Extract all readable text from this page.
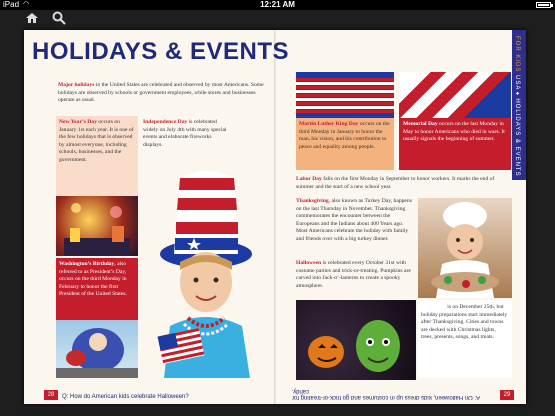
iPad ◠	12:21 AM
HOLIDAYS & EVENTS	FOR KIDS USA✦HOLIDAYS & EVENTS
Major holidays in the United States are celebrated and observed by most Americans. Some holidays are observed by schools or government employees, while stores and businesses operate as usual.
New Year’s Day occurs on January 1st each year. It is one of the few holidays that is observed by almost everyone, including schools, businesses, and the government.
Independence Day is celebrated widely on July 4th with many special events and elaborate fireworks displays.
Washington’s Birthday, also referred to as President’s Day, occurs on the third Monday in February to honor the first President of the United States.
28	Q: How do American kids celebrate Halloween?
Martin Luther King Day occurs on the third Monday in January to honor the man, his vision, and his contribution to peace and equality among people.
Memorial Day occurs on the last Monday in May to honor Americans who died in wars. It usually signals the beginning of summer.
Labor Day falls on the first Monday in September to honor workers. It marks the end of summer and the start of a new school year.
Thanksgiving, also known as Turkey Day, happens on the last Thursday in November. Thanksgiving commemorates the encounter between the Europeans and the Indians about 400 Years ago. Most Americans celebrate the holiday with family and friends over with a big turkey dinner.
Halloween is celebrated every October 31st with costume parties and trick-or-treating. Pumpkins are carved into Jack-o’-lanterns to create a spooky atmosphere.
Christmas is on December 25th, but holiday preparations start immediately after Thanksgiving. Cities and towns are decked with Christmas lights, trees, presents, songs, and treats.
A: On Halloween, kids dress up in costumes and go trick-or-treating for candy.
29
